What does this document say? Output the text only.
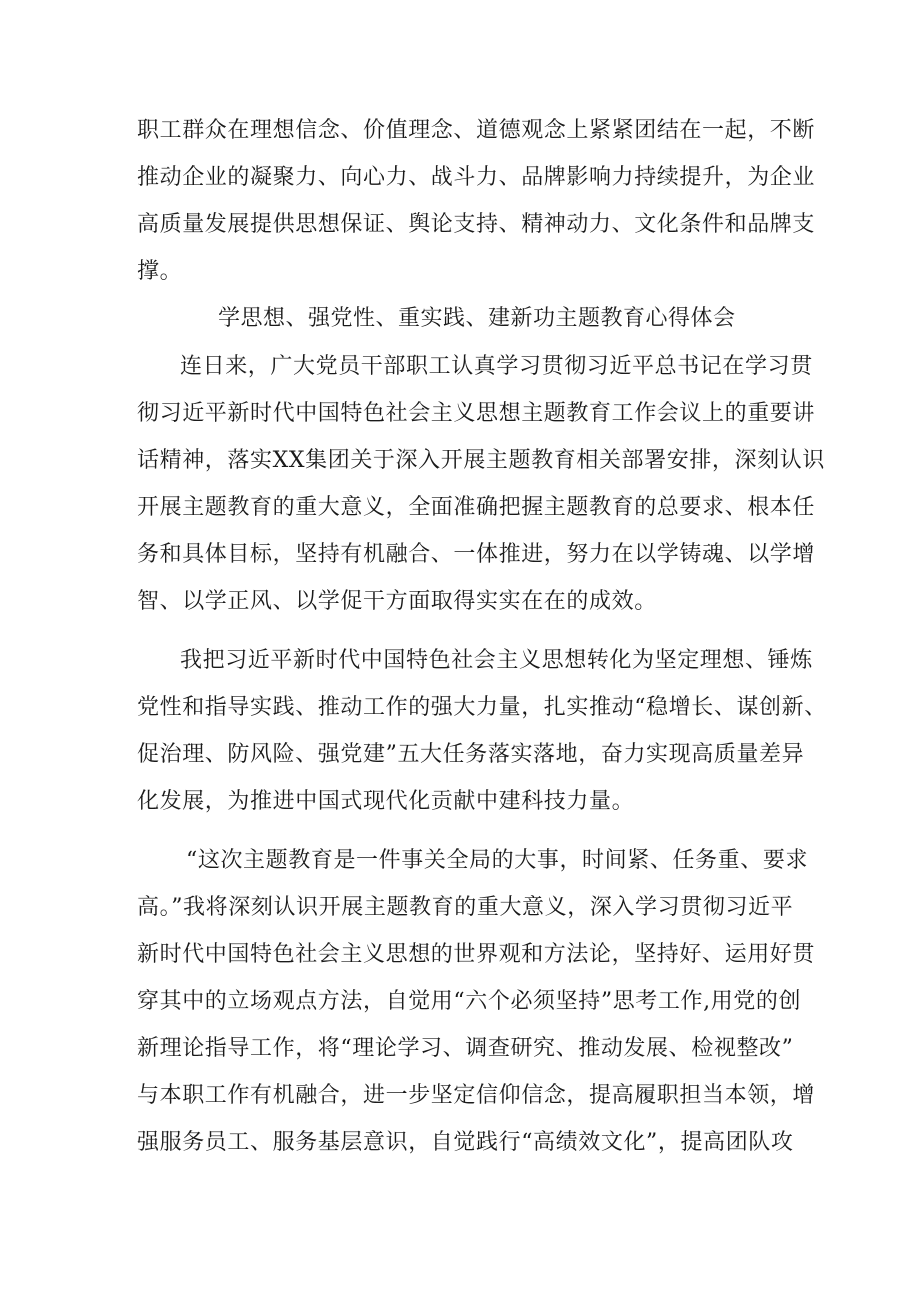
职工群众在理想信念、价值理念、道德观念上紧紧团结在一起，不断
推动企业的凝聚力、向心力、战斗力、品牌影响力持续提升，为企业
高质量发展提供思想保证、舆论支持、精神动力、文化条件和品牌支
撑。
学思想、强党性、重实践、建新功主题教育心得体会
连日来，广大党员干部职工认真学习贯彻习近平总书记在学习贯
彻习近平新时代中国特色社会主义思想主题教育工作会议上的重要讲
话精神，落实XX集团关于深入开展主题教育相关部署安排，深刻认识
开展主题教育的重大意义，全面准确把握主题教育的总要求、根本任
务和具体目标，坚持有机融合、一体推进，努力在以学铸魂、以学增
智、以学正风、以学促干方面取得实实在在的成效。
我把习近平新时代中国特色社会主义思想转化为坚定理想、锤炼
党性和指导实践、推动工作的强大力量，扎实推动“稳增长、谋创新、
促治理、防风险、强党建”五大任务落实落地，奋力实现高质量差异
化发展，为推进中国式现代化贡献中建科技力量。
“这次主题教育是一件事关全局的大事，时间紧、任务重、要求
高。”我将深刻认识开展主题教育的重大意义，深入学习贯彻习近平
新时代中国特色社会主义思想的世界观和方法论，坚持好、运用好贯
穿其中的立场观点方法，自觉用“六个必须坚持”思考工作,用党的创
新理论指导工作，将“理论学习、调查研究、推动发展、检视整改”
与本职工作有机融合，进一步坚定信仰信念，提高履职担当本领，增
强服务员工、服务基层意识，自觉践行“高绩效文化”，提高团队攻
